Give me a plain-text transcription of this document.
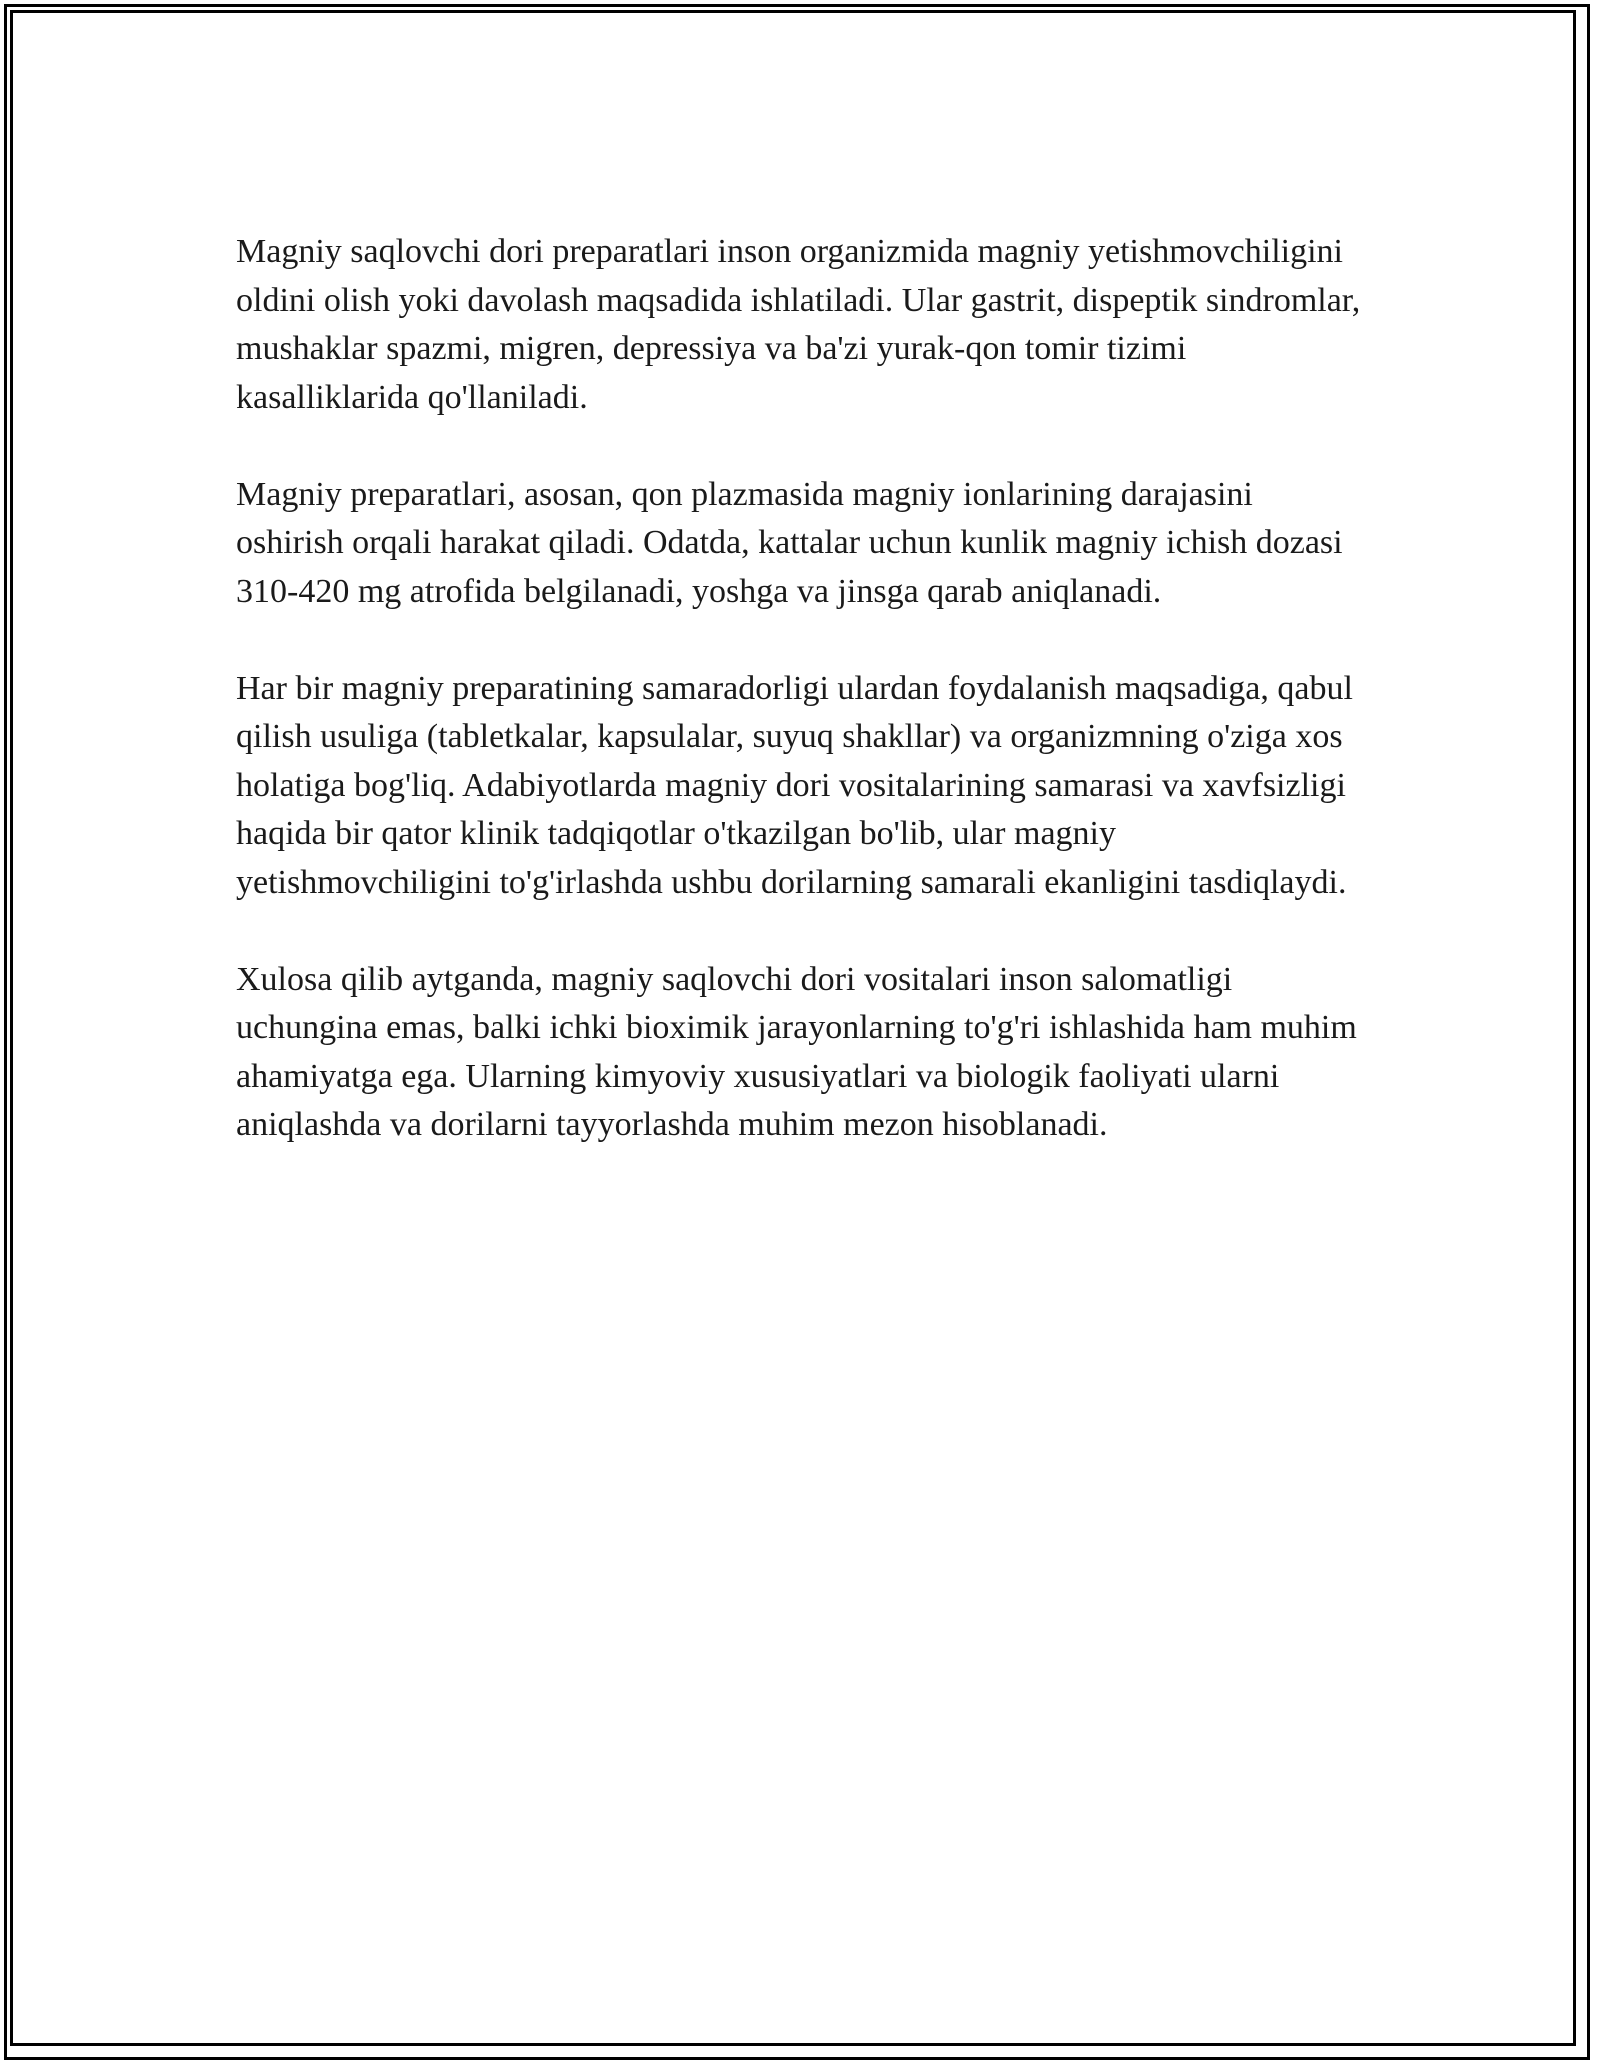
Magniy saqlovchi dori preparatlari inson organizmida magniy yetishmovchiligini oldini olish yoki davolash maqsadida ishlatiladi. Ular gastrit, dispeptik sindromlar, mushaklar spazmi, migren, depressiya va ba'zi yurak-qon tomir tizimi kasalliklarida qo'llaniladi.

Magniy preparatlari, asosan, qon plazmasida magniy ionlarining darajasini oshirish orqali harakat qiladi. Odatda, kattalar uchun kunlik magniy ichish dozasi 310-420 mg atrofida belgilanadi, yoshga va jinsga qarab aniqlanadi.

Har bir magniy preparatining samaradorligi ulardan foydalanish maqsadiga, qabul qilish usuliga (tabletkalar, kapsulalar, suyuq shakllar) va organizmning o'ziga xos holatiga bog'liq. Adabiyotlarda magniy dori vositalarining samarasi va xavfsizligi haqida bir qator klinik tadqiqotlar o'tkazilgan bo'lib, ular magniy yetishmovchiligini to'g'irlashda ushbu dorilarning samarali ekanligini tasdiqlaydi.

Xulosa qilib aytganda, magniy saqlovchi dori vositalari inson salomatligi uchungina emas, balki ichki bioximik jarayonlarning to'g'ri ishlashida ham muhim ahamiyatga ega. Ularning kimyoviy xususiyatlari va biologik faoliyati ularni aniqlashda va dorilarni tayyorlashda muhim mezon hisoblanadi.
